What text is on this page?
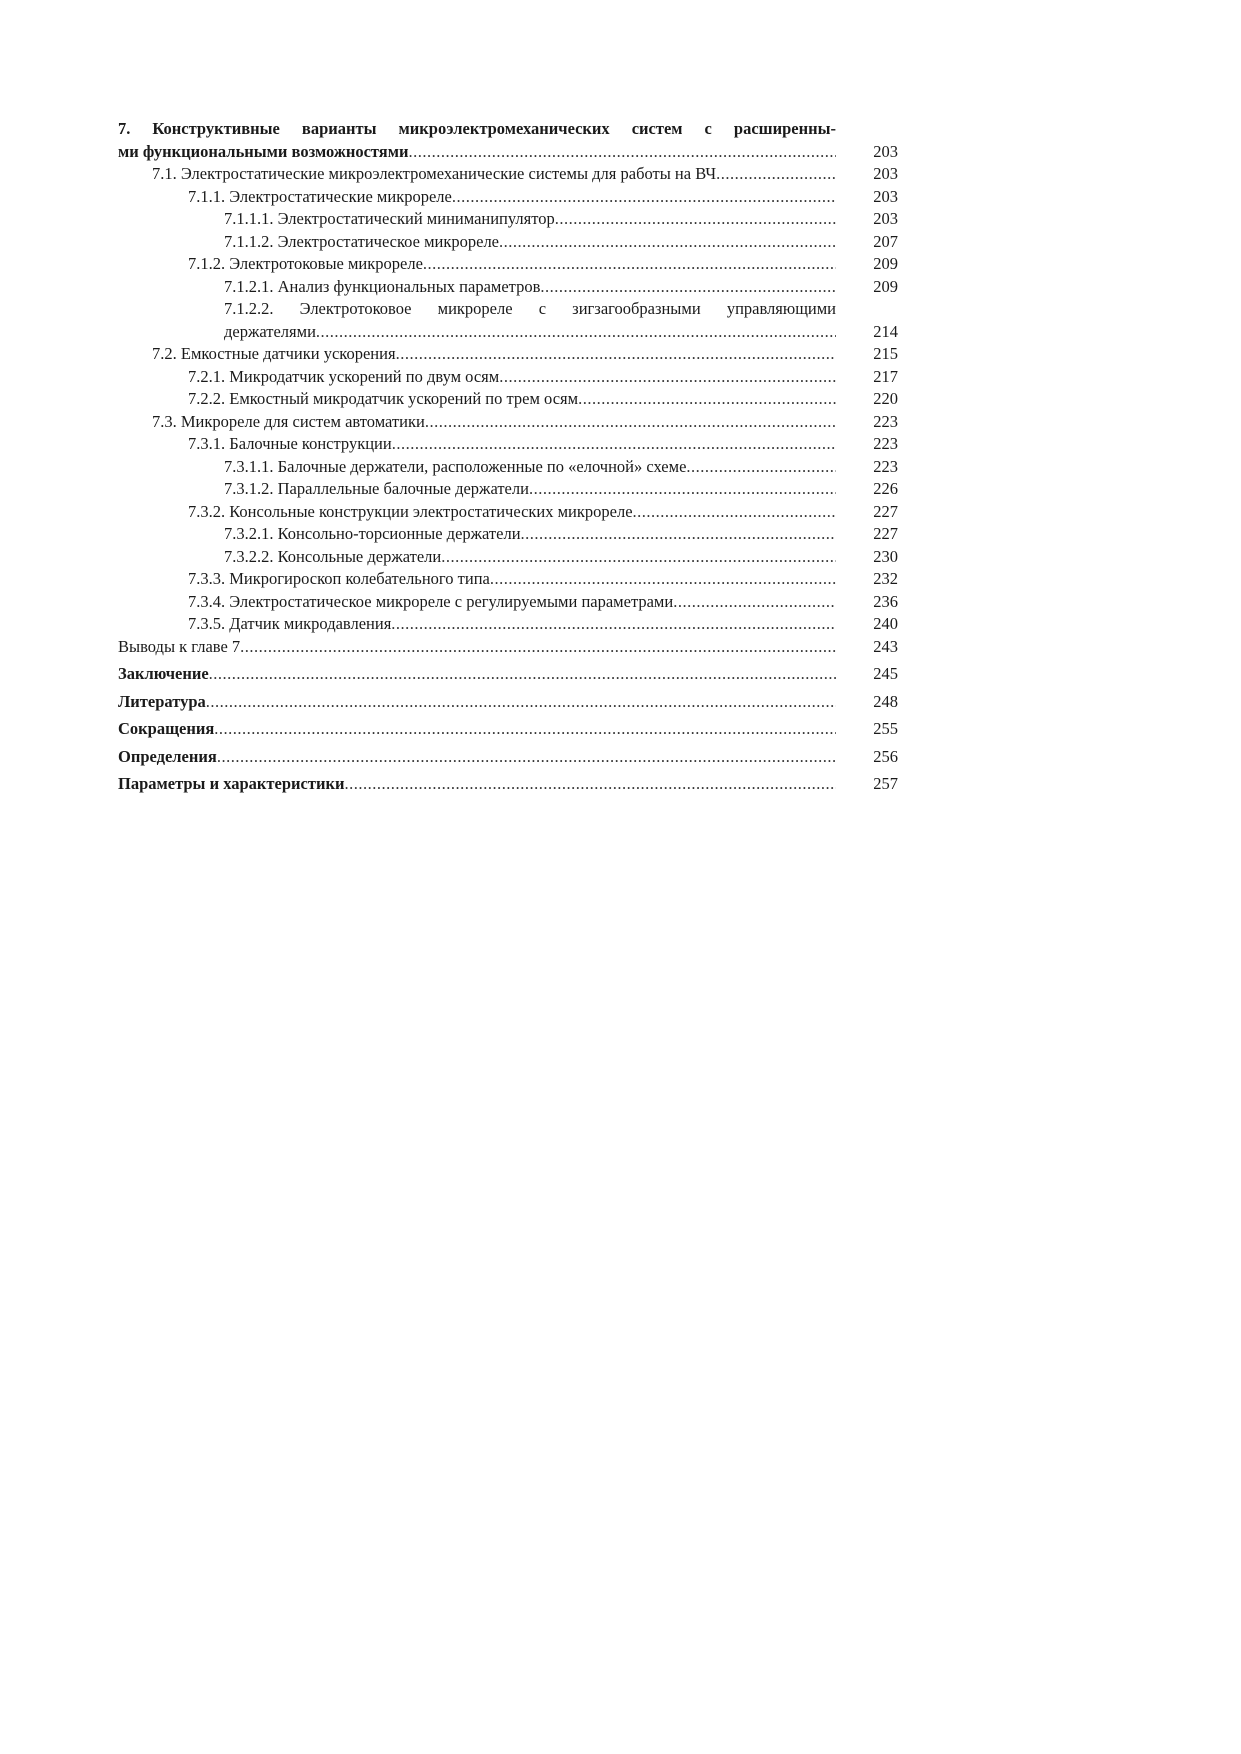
7. Конструктивные варианты микроэлектромеханических систем с расширенны-
ми функциональными возможностями .....	203
7.1. Электростатические микроэлектромеханические системы для работы на ВЧ .....	203
7.1.1. Электростатические микрореле .....	203
7.1.1.1. Электростатический миниманипулятор .....	203
7.1.1.2. Электростатическое микрореле .....	207
7.1.2. Электротоковые микрореле .....	209
7.1.2.1. Анализ функциональных параметров .....	209
7.1.2.2. Электротоковое микрореле с зигзагообразными управляющими
держателями .....	214
7.2. Емкостные датчики ускорения .....	215
7.2.1. Микродатчик ускорений по двум осям .....	217
7.2.2. Емкостный микродатчик ускорений по трем осям .....	220
7.3. Микрореле для систем автоматики .....	223
7.3.1. Балочные конструкции .....	223
7.3.1.1. Балочные держатели, расположенные по «елочной» схеме .....	223
7.3.1.2. Параллельные балочные держатели .....	226
7.3.2. Консольные конструкции электростатических микрореле .....	227
7.3.2.1. Консольно-торсионные держатели .....	227
7.3.2.2. Консольные держатели .....	230
7.3.3. Микрогироскоп колебательного типа .....	232
7.3.4. Электростатическое микрореле с регулируемыми параметрами .....	236
7.3.5. Датчик микродавления .....	240
Выводы к главе 7 .....	243
Заключение .....	245
Литература .....	248
Сокращения .....	255
Определения .....	256
Параметры и характеристики .....	257
